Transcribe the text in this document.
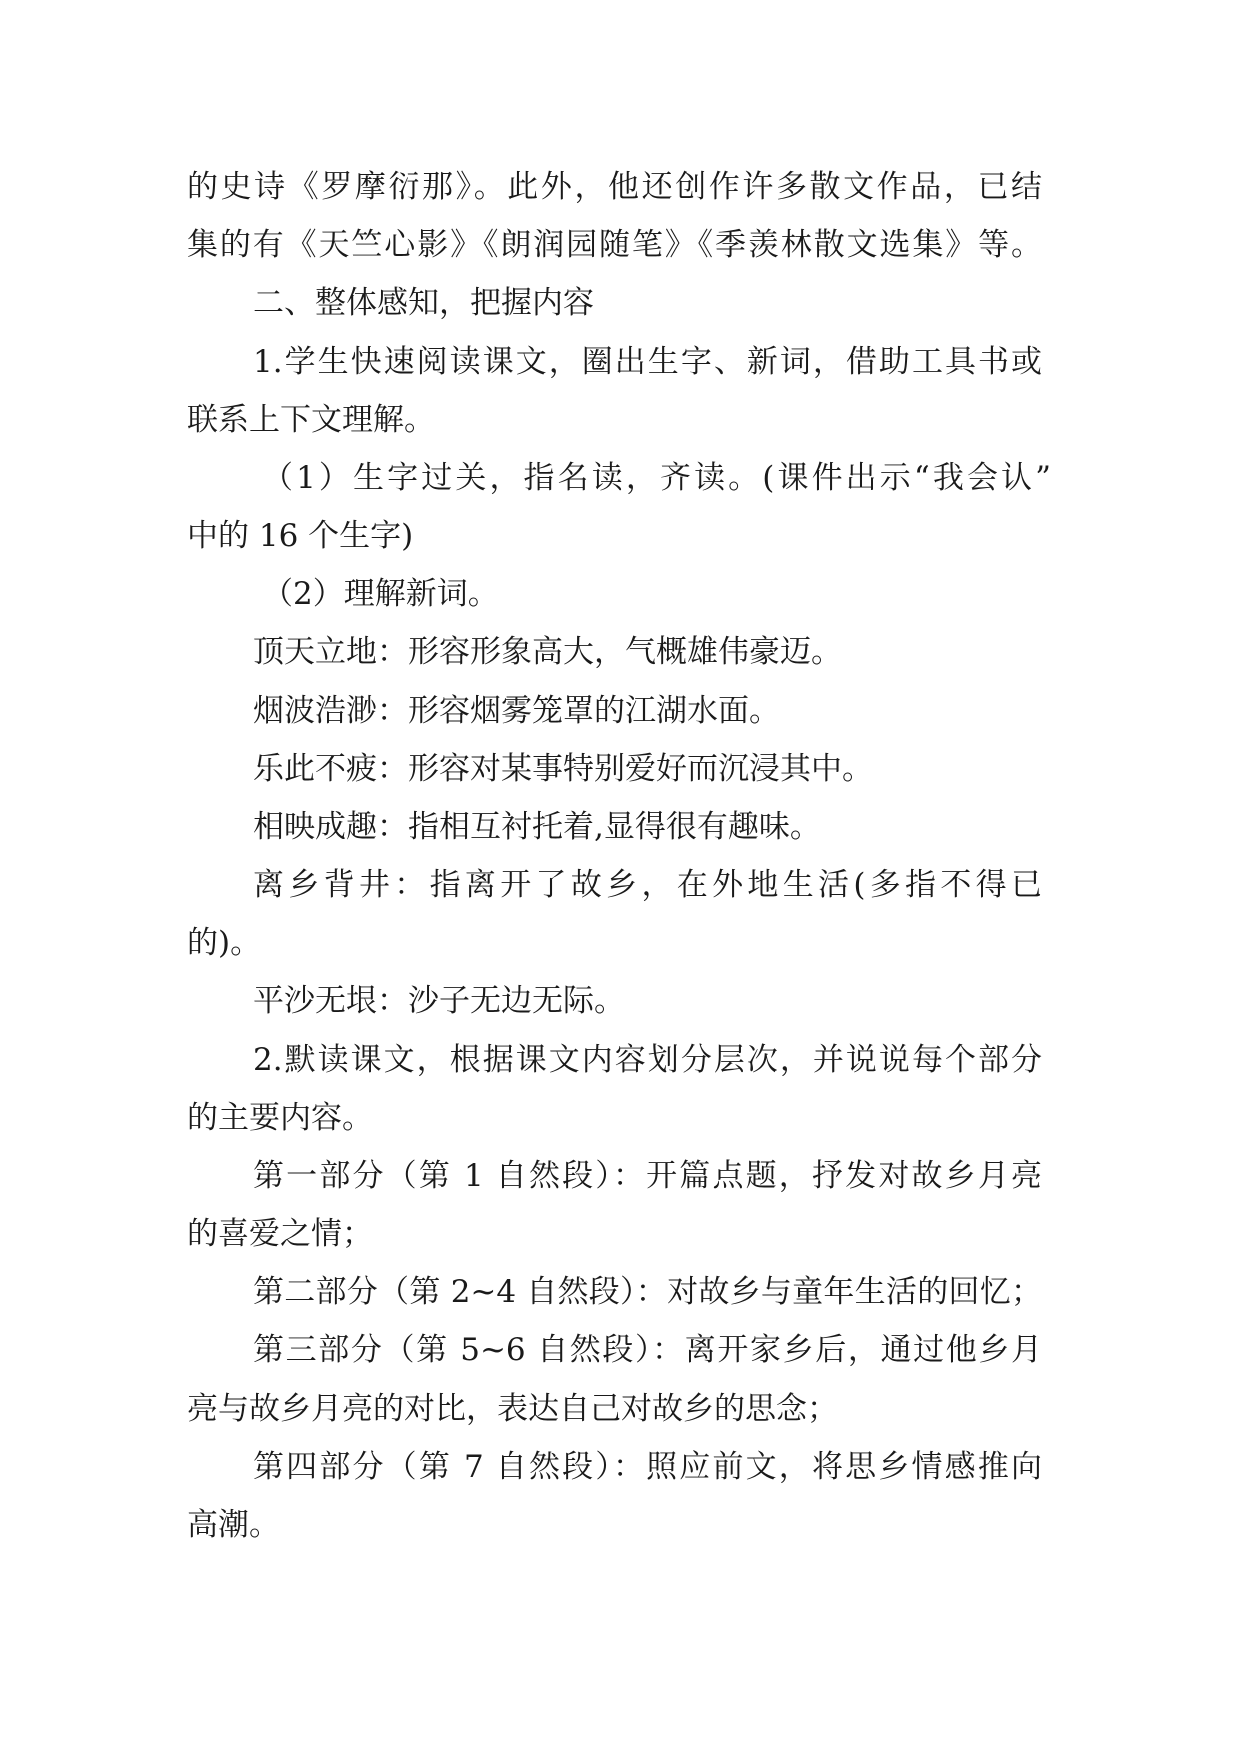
的史诗《罗摩衍那》。此外，他还创作许多散文作品，已结
集的有《天竺心影》《朗润园随笔》《季羡林散文选集》等。
二、整体感知，把握内容
1.学生快速阅读课文，圈出生字、新词，借助工具书或
联系上下文理解。
（1）生字过关，指名读，齐读。(课件出示“我会认”
中的 16 个生字)
（2）理解新词。
顶天立地：形容形象高大，气概雄伟豪迈。
烟波浩渺：形容烟雾笼罩的江湖水面。
乐此不疲：形容对某事特别爱好而沉浸其中。
相映成趣：指相互衬托着,显得很有趣味。
离乡背井：指离开了故乡，在外地生活(多指不得已
的)。
平沙无垠：沙子无边无际。
2.默读课文，根据课文内容划分层次，并说说每个部分
的主要内容。
第一部分（第 1 自然段）：开篇点题，抒发对故乡月亮
的喜爱之情；
第二部分（第 2~4 自然段）：对故乡与童年生活的回忆；
第三部分（第 5~6 自然段）：离开家乡后，通过他乡月
亮与故乡月亮的对比，表达自己对故乡的思念；
第四部分（第 7 自然段）：照应前文，将思乡情感推向
高潮。
